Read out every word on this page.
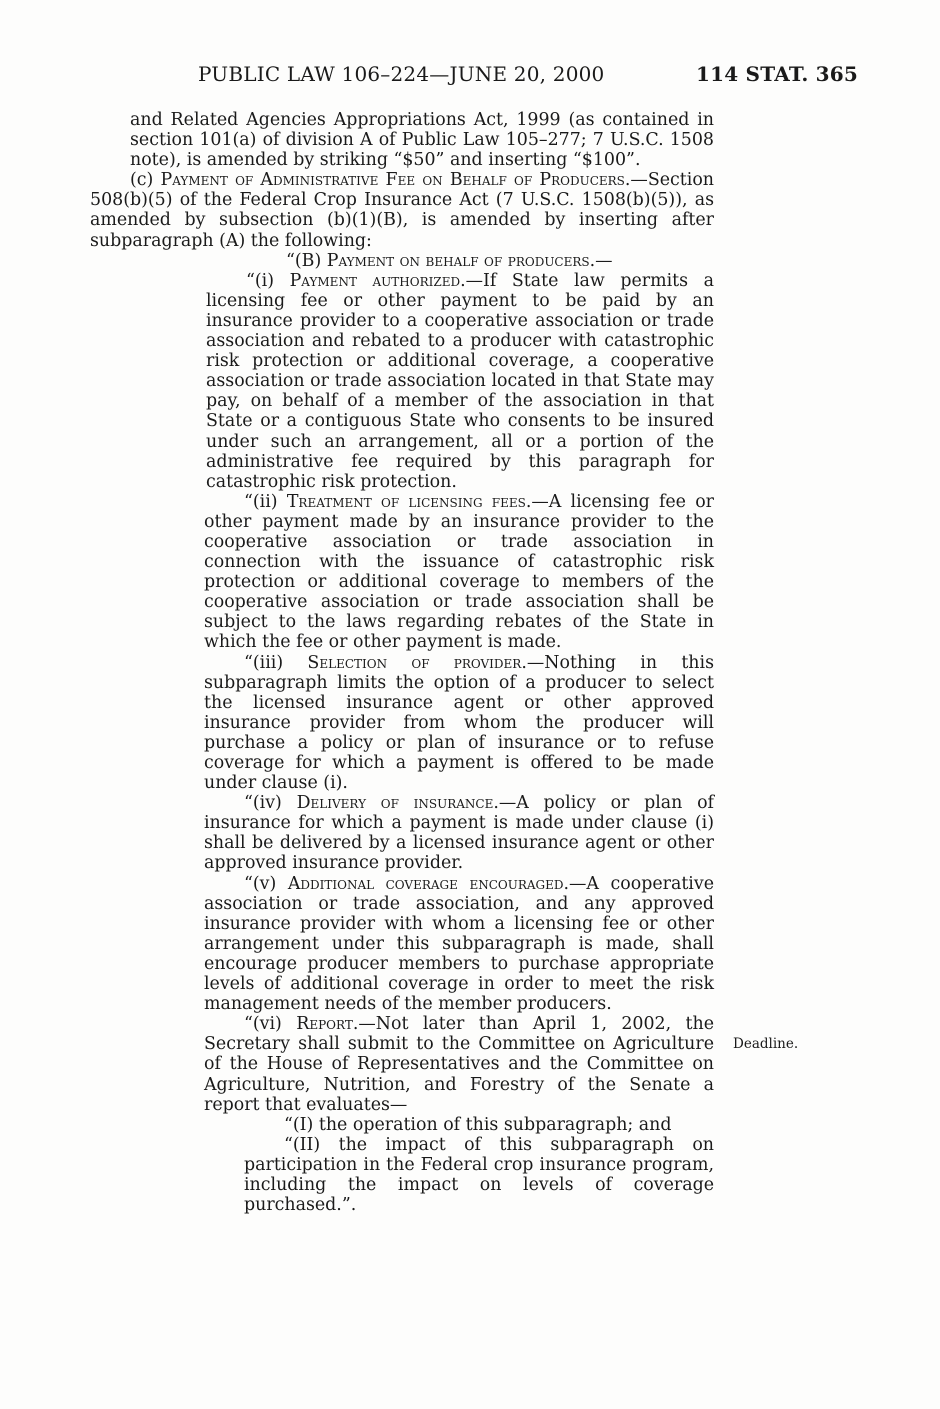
PUBLIC LAW 106–224—JUNE 20, 2000	114 STAT. 365

and Related Agencies Appropriations Act, 1999 (as contained in section 101(a) of division A of Public Law 105–277; 7 U.S.C. 1508 note), is amended by striking “$50” and inserting “$100”.

(c) Payment of Administrative Fee on Behalf of Producers.—Section 508(b)(5) of the Federal Crop Insurance Act (7 U.S.C. 1508(b)(5)), as amended by subsection (b)(1)(B), is amended by inserting after subparagraph (A) the following:

“(B) Payment on behalf of producers.—

“(i) Payment authorized.—If State law permits a licensing fee or other payment to be paid by an insurance provider to a cooperative association or trade association and rebated to a producer with catastrophic risk protection or additional coverage, a cooperative association or trade association located in that State may pay, on behalf of a member of the association in that State or a contiguous State who consents to be insured under such an arrangement, all or a portion of the administrative fee required by this paragraph for catastrophic risk protection.

“(ii) Treatment of licensing fees.—A licensing fee or other payment made by an insurance provider to the cooperative association or trade association in connection with the issuance of catastrophic risk protection or additional coverage to members of the cooperative association or trade association shall be subject to the laws regarding rebates of the State in which the fee or other payment is made.

“(iii) Selection of provider.—Nothing in this subparagraph limits the option of a producer to select the licensed insurance agent or other approved insurance provider from whom the producer will purchase a policy or plan of insurance or to refuse coverage for which a payment is offered to be made under clause (i).

“(iv) Delivery of insurance.—A policy or plan of insurance for which a payment is made under clause (i) shall be delivered by a licensed insurance agent or other approved insurance provider.

“(v) Additional coverage encouraged.—A cooperative association or trade association, and any approved insurance provider with whom a licensing fee or other arrangement under this subparagraph is made, shall encourage producer members to purchase appropriate levels of additional coverage in order to meet the risk management needs of the member producers.

“(vi) Report.—Not later than April 1, 2002, the Secretary shall submit to the Committee on Agriculture of the House of Representatives and the Committee on Agriculture, Nutrition, and Forestry of the Senate a report that evaluates—

“(I) the operation of this subparagraph; and

“(II) the impact of this subparagraph on participation in the Federal crop insurance program, including the impact on levels of coverage purchased.”.

Deadline.
